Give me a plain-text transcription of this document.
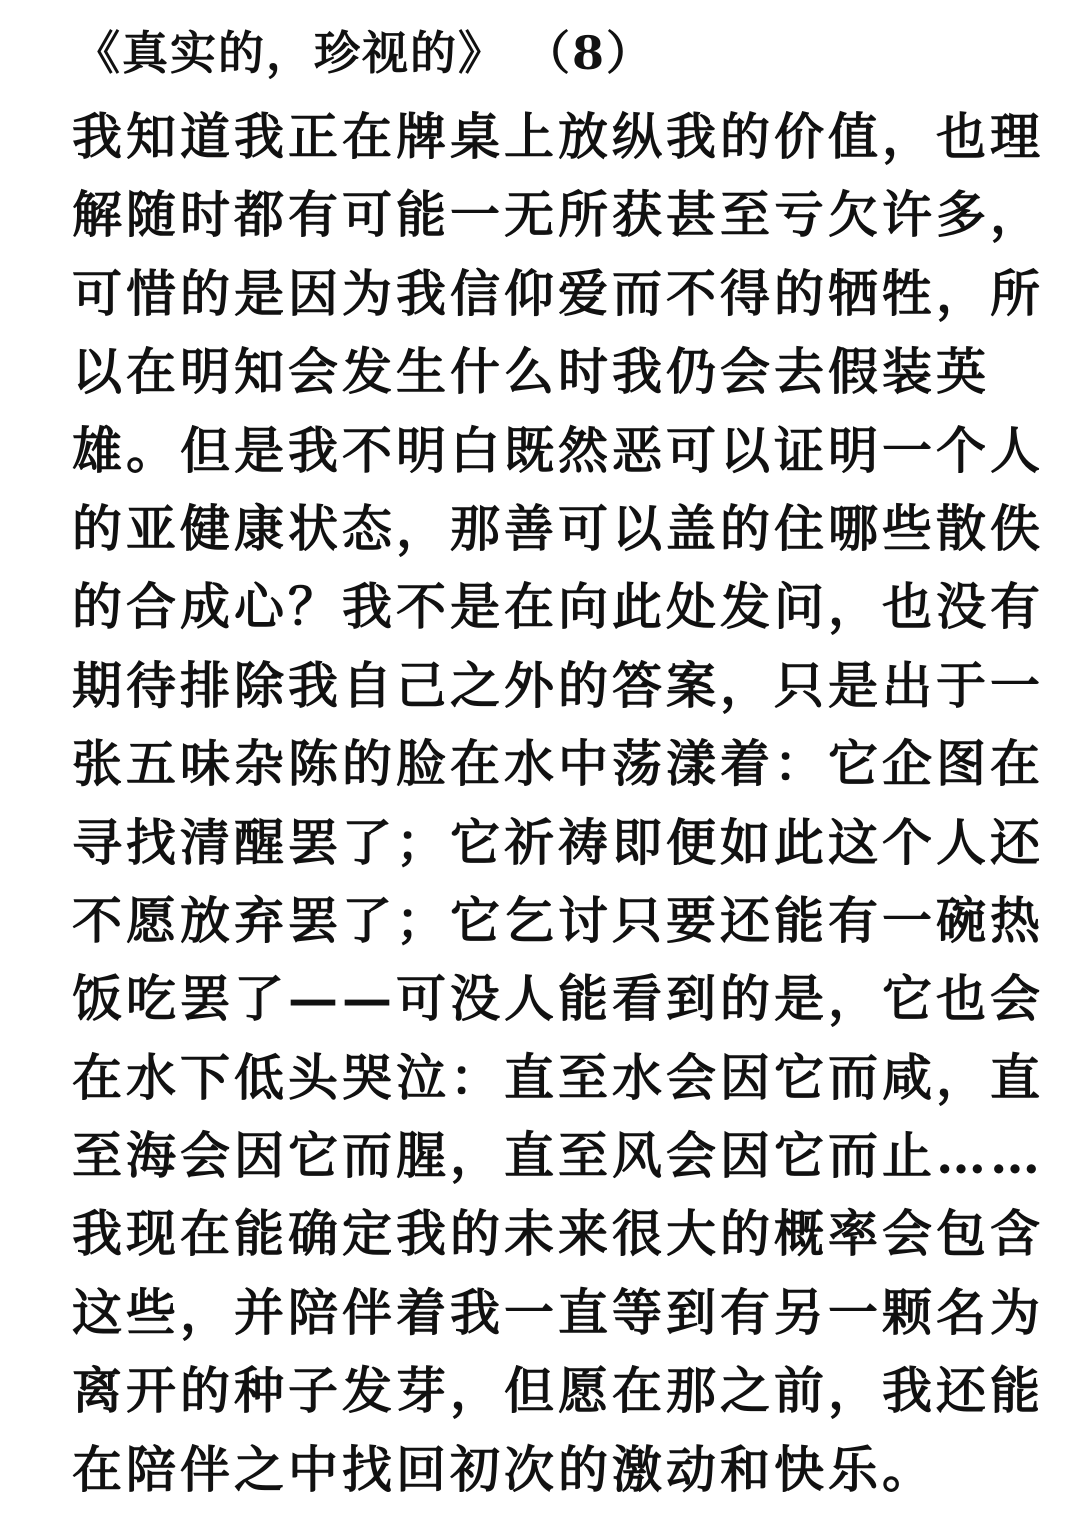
《真实的，珍视的》 （8）
我知道我正在牌桌上放纵我的价值，也理
解随时都有可能一无所获甚至亏欠许多，
可惜的是因为我信仰爱而不得的牺牲，所
以在明知会发生什么时我仍会去假装英
雄。但是我不明白既然恶可以证明一个人
的亚健康状态，那善可以盖的住哪些散佚
的合成心？我不是在向此处发问，也没有
期待排除我自己之外的答案，只是出于一
张五味杂陈的脸在水中荡漾着：它企图在
寻找清醒罢了；它祈祷即便如此这个人还
不愿放弃罢了；它乞讨只要还能有一碗热
饭吃罢了——可没人能看到的是，它也会
在水下低头哭泣：直至水会因它而咸，直
至海会因它而腥，直至风会因它而止……
我现在能确定我的未来很大的概率会包含
这些，并陪伴着我一直等到有另一颗名为
离开的种子发芽，但愿在那之前，我还能
在陪伴之中找回初次的激动和快乐。
